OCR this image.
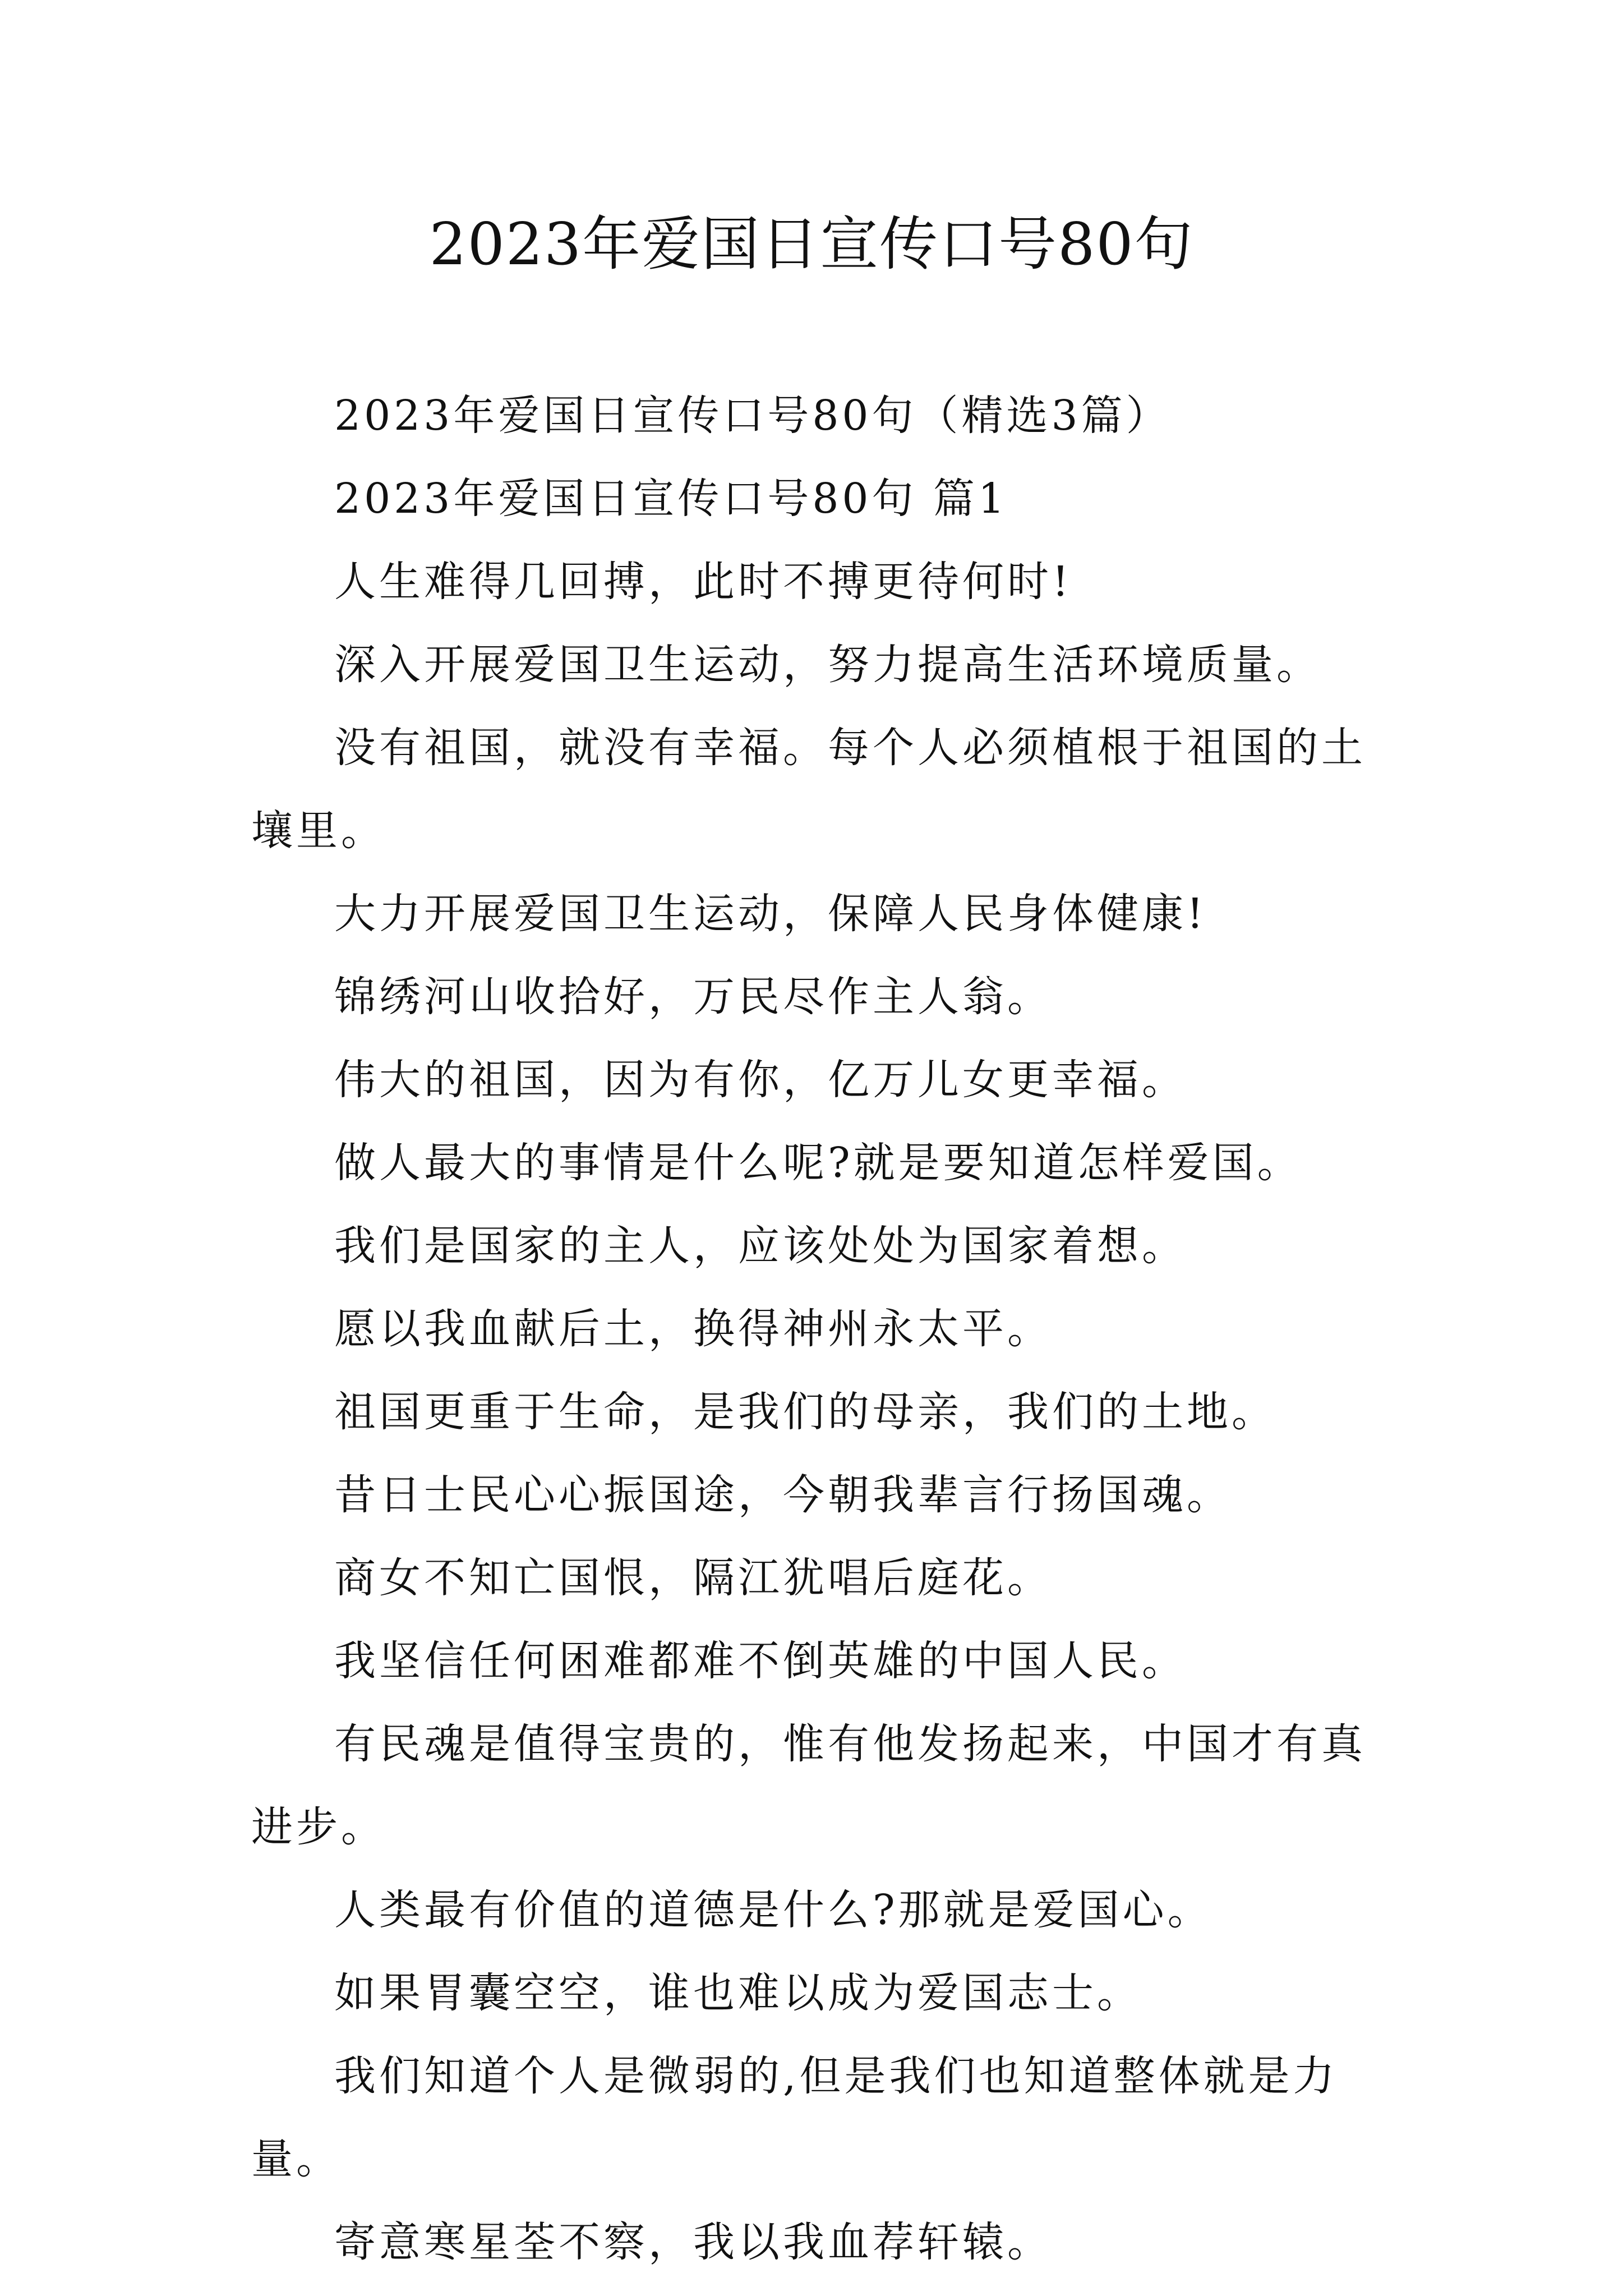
2023年爱国日宣传口号80句

2023年爱国日宣传口号80句（精选3篇）

2023年爱国日宣传口号80句 篇1

人生难得几回搏，此时不搏更待何时!

深入开展爱国卫生运动，努力提高生活环境质量。

没有祖国，就没有幸福。每个人必须植根于祖国的土壤里。

大力开展爱国卫生运动，保障人民身体健康!

锦绣河山收拾好，万民尽作主人翁。

伟大的祖国，因为有你，亿万儿女更幸福。

做人最大的事情是什么呢?就是要知道怎样爱国。

我们是国家的主人，应该处处为国家着想。

愿以我血献后土，换得神州永太平。

祖国更重于生命，是我们的母亲，我们的土地。

昔日士民心心振国途，今朝我辈言行扬国魂。

商女不知亡国恨，隔江犹唱后庭花。

我坚信任何困难都难不倒英雄的中国人民。

有民魂是值得宝贵的，惟有他发扬起来，中国才有真进步。

人类最有价值的道德是什么?那就是爱国心。

如果胃囊空空，谁也难以成为爱国志士。

我们知道个人是微弱的,但是我们也知道整体就是力量。

寄意寒星荃不察，我以我血荐轩辕。
